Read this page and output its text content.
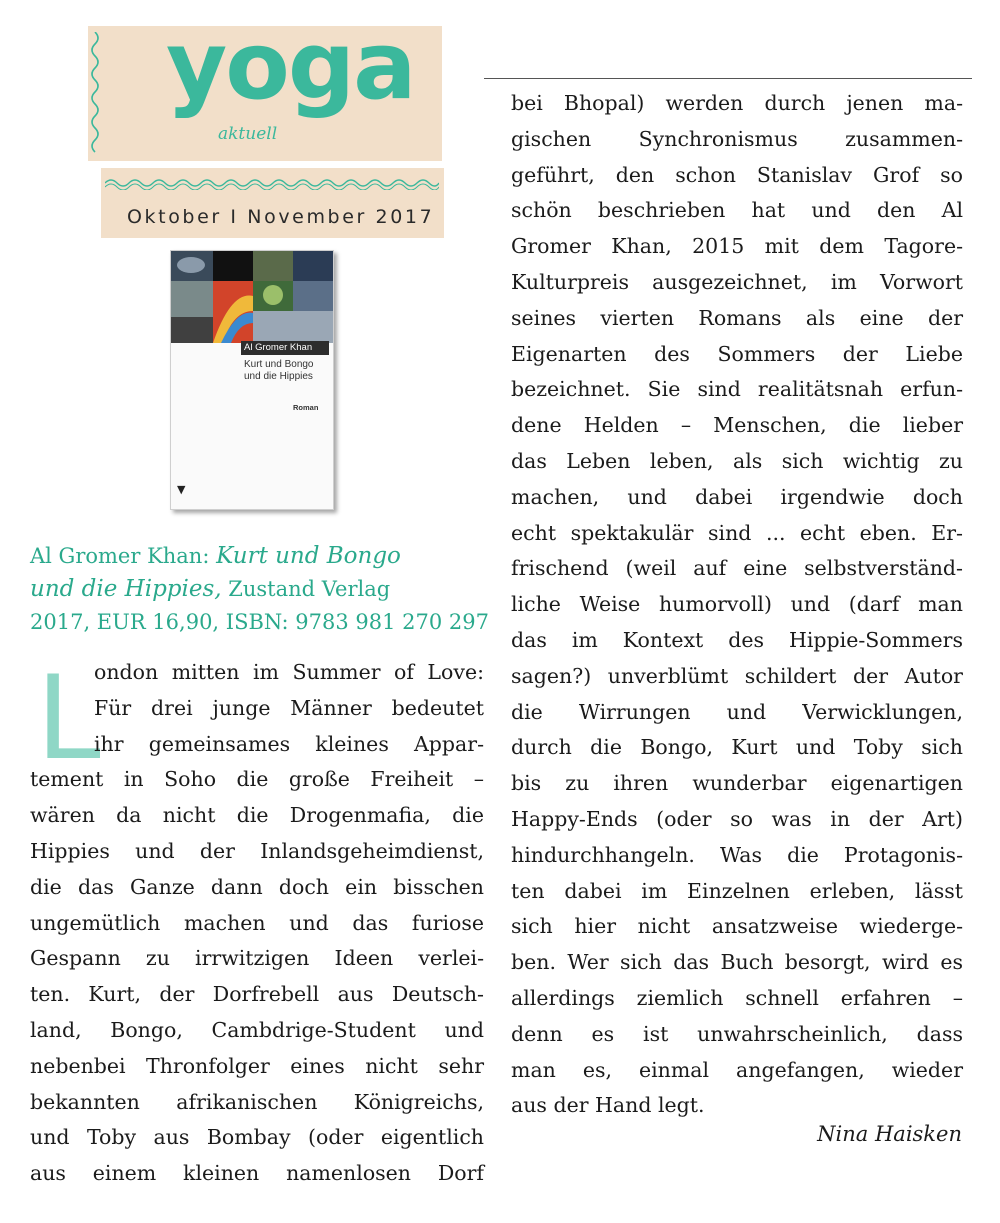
yoga
aktuell
Oktober I November 2017
Al Gromer Khan
Kurt und Bongo
und die Hippies
Roman
▼
Al Gromer Khan: Kurt und Bongo
und die Hippies, Zustand Verlag
2017, EUR 16,90, ISBN: 9783 981 270 297
L
ondon mitten im Summer of Love:
Für drei junge Männer bedeutet
ihr gemeinsames kleines Appar-
tement in Soho die große Freiheit –
wären da nicht die Drogenmafia, die
Hippies und der Inlandsgeheimdienst,
die das Ganze dann doch ein bisschen
ungemütlich machen und das furiose
Gespann zu irrwitzigen Ideen verlei-
ten. Kurt, der Dorfrebell aus Deutsch-
land, Bongo, Cambdrige-Student und
nebenbei Thronfolger eines nicht sehr
bekannten afrikanischen Königreichs,
und Toby aus Bombay (oder eigentlich
aus einem kleinen namenlosen Dorf
bei Bhopal) werden durch jenen ma-
gischen Synchronismus zusammen-
geführt, den schon Stanislav Grof so
schön beschrieben hat und den Al
Gromer Khan, 2015 mit dem Tagore-
Kulturpreis ausgezeichnet, im Vorwort
seines vierten Romans als eine der
Eigenarten des Sommers der Liebe
bezeichnet. Sie sind realitätsnah erfun-
dene Helden – Menschen, die lieber
das Leben leben, als sich wichtig zu
machen, und dabei irgendwie doch
echt spektakulär sind ... echt eben. Er-
frischend (weil auf eine selbstverständ-
liche Weise humorvoll) und (darf man
das im Kontext des Hippie-Sommers
sagen?) unverblümt schildert der Autor
die Wirrungen und Verwicklungen,
durch die Bongo, Kurt und Toby sich
bis zu ihren wunderbar eigenartigen
Happy-Ends (oder so was in der Art)
hindurchhangeln. Was die Protagonis-
ten dabei im Einzelnen erleben, lässt
sich hier nicht ansatzweise wiederge-
ben. Wer sich das Buch besorgt, wird es
allerdings ziemlich schnell erfahren –
denn es ist unwahrscheinlich, dass
man es, einmal angefangen, wieder
aus der Hand legt.
Nina Haisken
